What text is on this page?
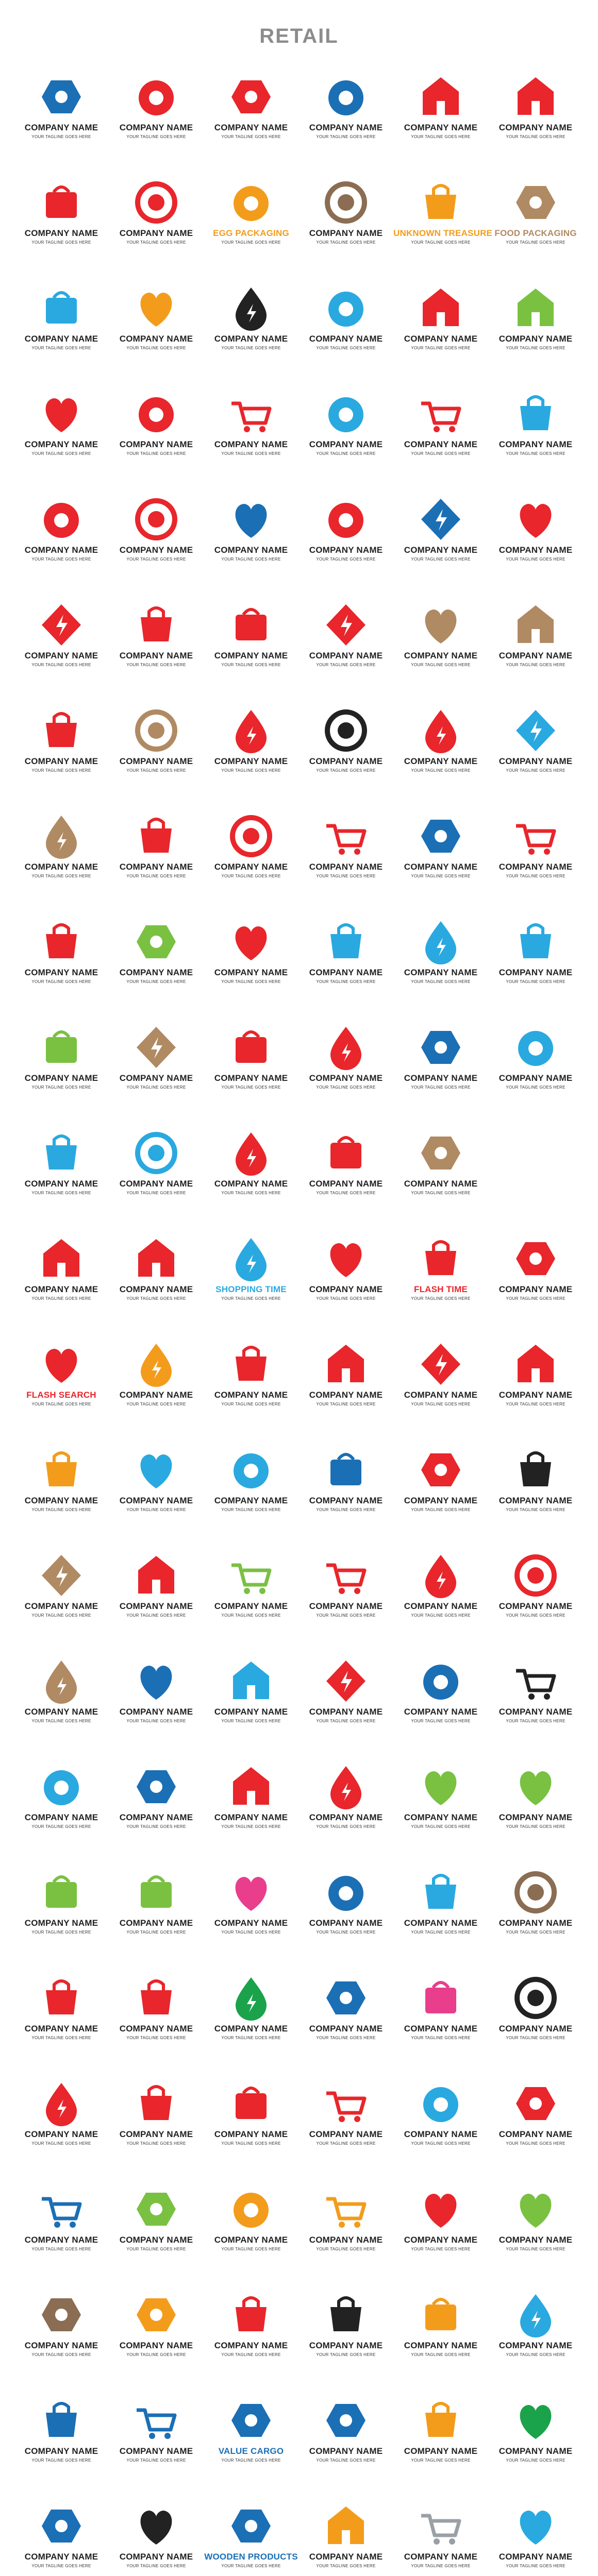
RETAIL
COMPANY NAME
YOUR TAGLINE GOES HERE
COMPANY NAME
YOUR TAGLINE GOES HERE
COMPANY NAME
YOUR TAGLINE GOES HERE
COMPANY NAME
YOUR TAGLINE GOES HERE
COMPANY NAME
YOUR TAGLINE GOES HERE
COMPANY NAME
YOUR TAGLINE GOES HERE
COMPANY NAME
YOUR TAGLINE GOES HERE
COMPANY NAME
YOUR TAGLINE GOES HERE
EGG PACKAGING
YOUR TAGLINE GOES HERE
COMPANY NAME
YOUR TAGLINE GOES HERE
UNKNOWN TREASURE
YOUR TAGLINE GOES HERE
FOOD PACKAGING
YOUR TAGLINE GOES HERE
COMPANY NAME
YOUR TAGLINE GOES HERE
COMPANY NAME
YOUR TAGLINE GOES HERE
COMPANY NAME
YOUR TAGLINE GOES HERE
COMPANY NAME
YOUR TAGLINE GOES HERE
COMPANY NAME
YOUR TAGLINE GOES HERE
COMPANY NAME
YOUR TAGLINE GOES HERE
COMPANY NAME
YOUR TAGLINE GOES HERE
COMPANY NAME
YOUR TAGLINE GOES HERE
COMPANY NAME
YOUR TAGLINE GOES HERE
COMPANY NAME
YOUR TAGLINE GOES HERE
COMPANY NAME
YOUR TAGLINE GOES HERE
COMPANY NAME
YOUR TAGLINE GOES HERE
COMPANY NAME
YOUR TAGLINE GOES HERE
COMPANY NAME
YOUR TAGLINE GOES HERE
COMPANY NAME
YOUR TAGLINE GOES HERE
COMPANY NAME
YOUR TAGLINE GOES HERE
COMPANY NAME
YOUR TAGLINE GOES HERE
COMPANY NAME
YOUR TAGLINE GOES HERE
COMPANY NAME
YOUR TAGLINE GOES HERE
COMPANY NAME
YOUR TAGLINE GOES HERE
COMPANY NAME
YOUR TAGLINE GOES HERE
COMPANY NAME
YOUR TAGLINE GOES HERE
COMPANY NAME
YOUR TAGLINE GOES HERE
COMPANY NAME
YOUR TAGLINE GOES HERE
COMPANY NAME
YOUR TAGLINE GOES HERE
COMPANY NAME
YOUR TAGLINE GOES HERE
COMPANY NAME
YOUR TAGLINE GOES HERE
COMPANY NAME
YOUR TAGLINE GOES HERE
COMPANY NAME
YOUR TAGLINE GOES HERE
COMPANY NAME
YOUR TAGLINE GOES HERE
COMPANY NAME
YOUR TAGLINE GOES HERE
COMPANY NAME
YOUR TAGLINE GOES HERE
COMPANY NAME
YOUR TAGLINE GOES HERE
COMPANY NAME
YOUR TAGLINE GOES HERE
COMPANY NAME
YOUR TAGLINE GOES HERE
COMPANY NAME
YOUR TAGLINE GOES HERE
COMPANY NAME
YOUR TAGLINE GOES HERE
COMPANY NAME
YOUR TAGLINE GOES HERE
COMPANY NAME
YOUR TAGLINE GOES HERE
COMPANY NAME
YOUR TAGLINE GOES HERE
COMPANY NAME
YOUR TAGLINE GOES HERE
COMPANY NAME
YOUR TAGLINE GOES HERE
COMPANY NAME
YOUR TAGLINE GOES HERE
COMPANY NAME
YOUR TAGLINE GOES HERE
COMPANY NAME
YOUR TAGLINE GOES HERE
COMPANY NAME
YOUR TAGLINE GOES HERE
COMPANY NAME
YOUR TAGLINE GOES HERE
COMPANY NAME
YOUR TAGLINE GOES HERE
COMPANY NAME
YOUR TAGLINE GOES HERE
COMPANY NAME
YOUR TAGLINE GOES HERE
COMPANY NAME
YOUR TAGLINE GOES HERE
COMPANY NAME
YOUR TAGLINE GOES HERE
COMPANY NAME
YOUR TAGLINE GOES HERE
COMPANY NAME
YOUR TAGLINE GOES HERE
COMPANY NAME
YOUR TAGLINE GOES HERE
SHOPPING TIME
YOUR TAGLINE GOES HERE
COMPANY NAME
YOUR TAGLINE GOES HERE
FLASH TIME
YOUR TAGLINE GOES HERE
COMPANY NAME
YOUR TAGLINE GOES HERE
FLASH SEARCH
YOUR TAGLINE GOES HERE
COMPANY NAME
YOUR TAGLINE GOES HERE
COMPANY NAME
YOUR TAGLINE GOES HERE
COMPANY NAME
YOUR TAGLINE GOES HERE
COMPANY NAME
YOUR TAGLINE GOES HERE
COMPANY NAME
YOUR TAGLINE GOES HERE
COMPANY NAME
YOUR TAGLINE GOES HERE
COMPANY NAME
YOUR TAGLINE GOES HERE
COMPANY NAME
YOUR TAGLINE GOES HERE
COMPANY NAME
YOUR TAGLINE GOES HERE
COMPANY NAME
YOUR TAGLINE GOES HERE
COMPANY NAME
YOUR TAGLINE GOES HERE
COMPANY NAME
YOUR TAGLINE GOES HERE
COMPANY NAME
YOUR TAGLINE GOES HERE
COMPANY NAME
YOUR TAGLINE GOES HERE
COMPANY NAME
YOUR TAGLINE GOES HERE
COMPANY NAME
YOUR TAGLINE GOES HERE
COMPANY NAME
YOUR TAGLINE GOES HERE
COMPANY NAME
YOUR TAGLINE GOES HERE
COMPANY NAME
YOUR TAGLINE GOES HERE
COMPANY NAME
YOUR TAGLINE GOES HERE
COMPANY NAME
YOUR TAGLINE GOES HERE
COMPANY NAME
YOUR TAGLINE GOES HERE
COMPANY NAME
YOUR TAGLINE GOES HERE
COMPANY NAME
YOUR TAGLINE GOES HERE
COMPANY NAME
YOUR TAGLINE GOES HERE
COMPANY NAME
YOUR TAGLINE GOES HERE
COMPANY NAME
YOUR TAGLINE GOES HERE
COMPANY NAME
YOUR TAGLINE GOES HERE
COMPANY NAME
YOUR TAGLINE GOES HERE
COMPANY NAME
YOUR TAGLINE GOES HERE
COMPANY NAME
YOUR TAGLINE GOES HERE
COMPANY NAME
YOUR TAGLINE GOES HERE
COMPANY NAME
YOUR TAGLINE GOES HERE
COMPANY NAME
YOUR TAGLINE GOES HERE
COMPANY NAME
YOUR TAGLINE GOES HERE
COMPANY NAME
YOUR TAGLINE GOES HERE
COMPANY NAME
YOUR TAGLINE GOES HERE
COMPANY NAME
YOUR TAGLINE GOES HERE
COMPANY NAME
YOUR TAGLINE GOES HERE
COMPANY NAME
YOUR TAGLINE GOES HERE
COMPANY NAME
YOUR TAGLINE GOES HERE
COMPANY NAME
YOUR TAGLINE GOES HERE
COMPANY NAME
YOUR TAGLINE GOES HERE
COMPANY NAME
YOUR TAGLINE GOES HERE
COMPANY NAME
YOUR TAGLINE GOES HERE
COMPANY NAME
YOUR TAGLINE GOES HERE
COMPANY NAME
YOUR TAGLINE GOES HERE
COMPANY NAME
YOUR TAGLINE GOES HERE
COMPANY NAME
YOUR TAGLINE GOES HERE
COMPANY NAME
YOUR TAGLINE GOES HERE
COMPANY NAME
YOUR TAGLINE GOES HERE
COMPANY NAME
YOUR TAGLINE GOES HERE
COMPANY NAME
YOUR TAGLINE GOES HERE
COMPANY NAME
YOUR TAGLINE GOES HERE
COMPANY NAME
YOUR TAGLINE GOES HERE
COMPANY NAME
YOUR TAGLINE GOES HERE
COMPANY NAME
YOUR TAGLINE GOES HERE
COMPANY NAME
YOUR TAGLINE GOES HERE
COMPANY NAME
YOUR TAGLINE GOES HERE
COMPANY NAME
YOUR TAGLINE GOES HERE
COMPANY NAME
YOUR TAGLINE GOES HERE
VALUE CARGO
YOUR TAGLINE GOES HERE
COMPANY NAME
YOUR TAGLINE GOES HERE
COMPANY NAME
YOUR TAGLINE GOES HERE
COMPANY NAME
YOUR TAGLINE GOES HERE
COMPANY NAME
YOUR TAGLINE GOES HERE
COMPANY NAME
YOUR TAGLINE GOES HERE
WOODEN PRODUCTS
YOUR TAGLINE GOES HERE
COMPANY NAME
YOUR TAGLINE GOES HERE
COMPANY NAME
YOUR TAGLINE GOES HERE
COMPANY NAME
YOUR TAGLINE GOES HERE
